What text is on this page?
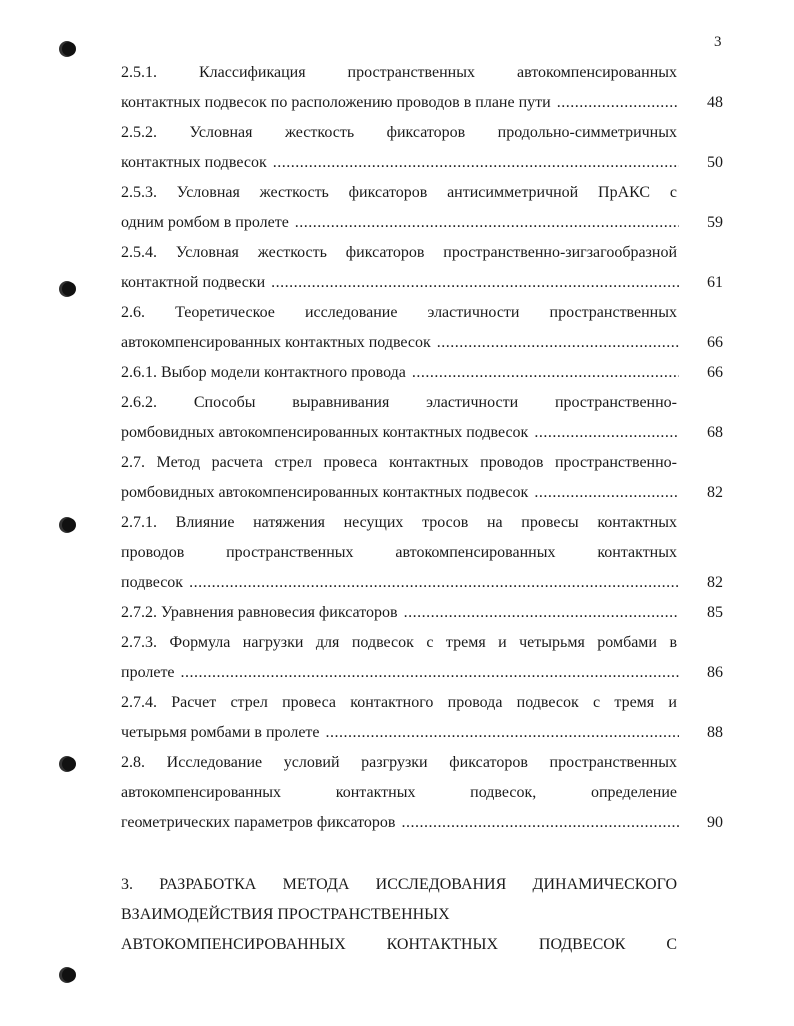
3
2.5.1. Классификация пространственных автокомпенсированных
контактных подвесок по расположению проводов в плане пути .....	48
2.5.2. Условная жесткость фиксаторов продольно-симметричных
контактных подвесок .....	50
2.5.3. Условная жесткость фиксаторов антисимметричной ПрАКС с
одним ромбом в пролете .....	59
2.5.4. Условная жесткость фиксаторов пространственно-зигзагообразной
контактной подвески .....	61
2.6. Теоретическое исследование эластичности пространственных
автокомпенсированных контактных подвесок .....	66
2.6.1. Выбор модели контактного провода .....	66
2.6.2. Способы выравнивания эластичности пространственно-
ромбовидных автокомпенсированных контактных подвесок .....	68
2.7. Метод расчета стрел провеса контактных проводов пространственно-
ромбовидных автокомпенсированных контактных подвесок .....	82
2.7.1. Влияние натяжения несущих тросов на провесы контактных
проводов пространственных автокомпенсированных контактных
подвесок .....	82
2.7.2. Уравнения равновесия фиксаторов .....	85
2.7.3. Формула нагрузки для подвесок с тремя и четырьмя ромбами в
пролете .....	86
2.7.4. Расчет стрел провеса контактного провода подвесок с тремя и
четырьмя ромбами в пролете .....	88
2.8. Исследование условий разгрузки фиксаторов пространственных
автокомпенсированных контактных подвесок, определение
геометрических параметров фиксаторов .....	90
3. РАЗРАБОТКА МЕТОДА ИССЛЕДОВАНИЯ ДИНАМИЧЕСКОГО
ВЗАИМОДЕЙСТВИЯ ПРОСТРАНСТВЕННЫХ
АВТОКОМПЕНСИРОВАННЫХ КОНТАКТНЫХ ПОДВЕСОК С
